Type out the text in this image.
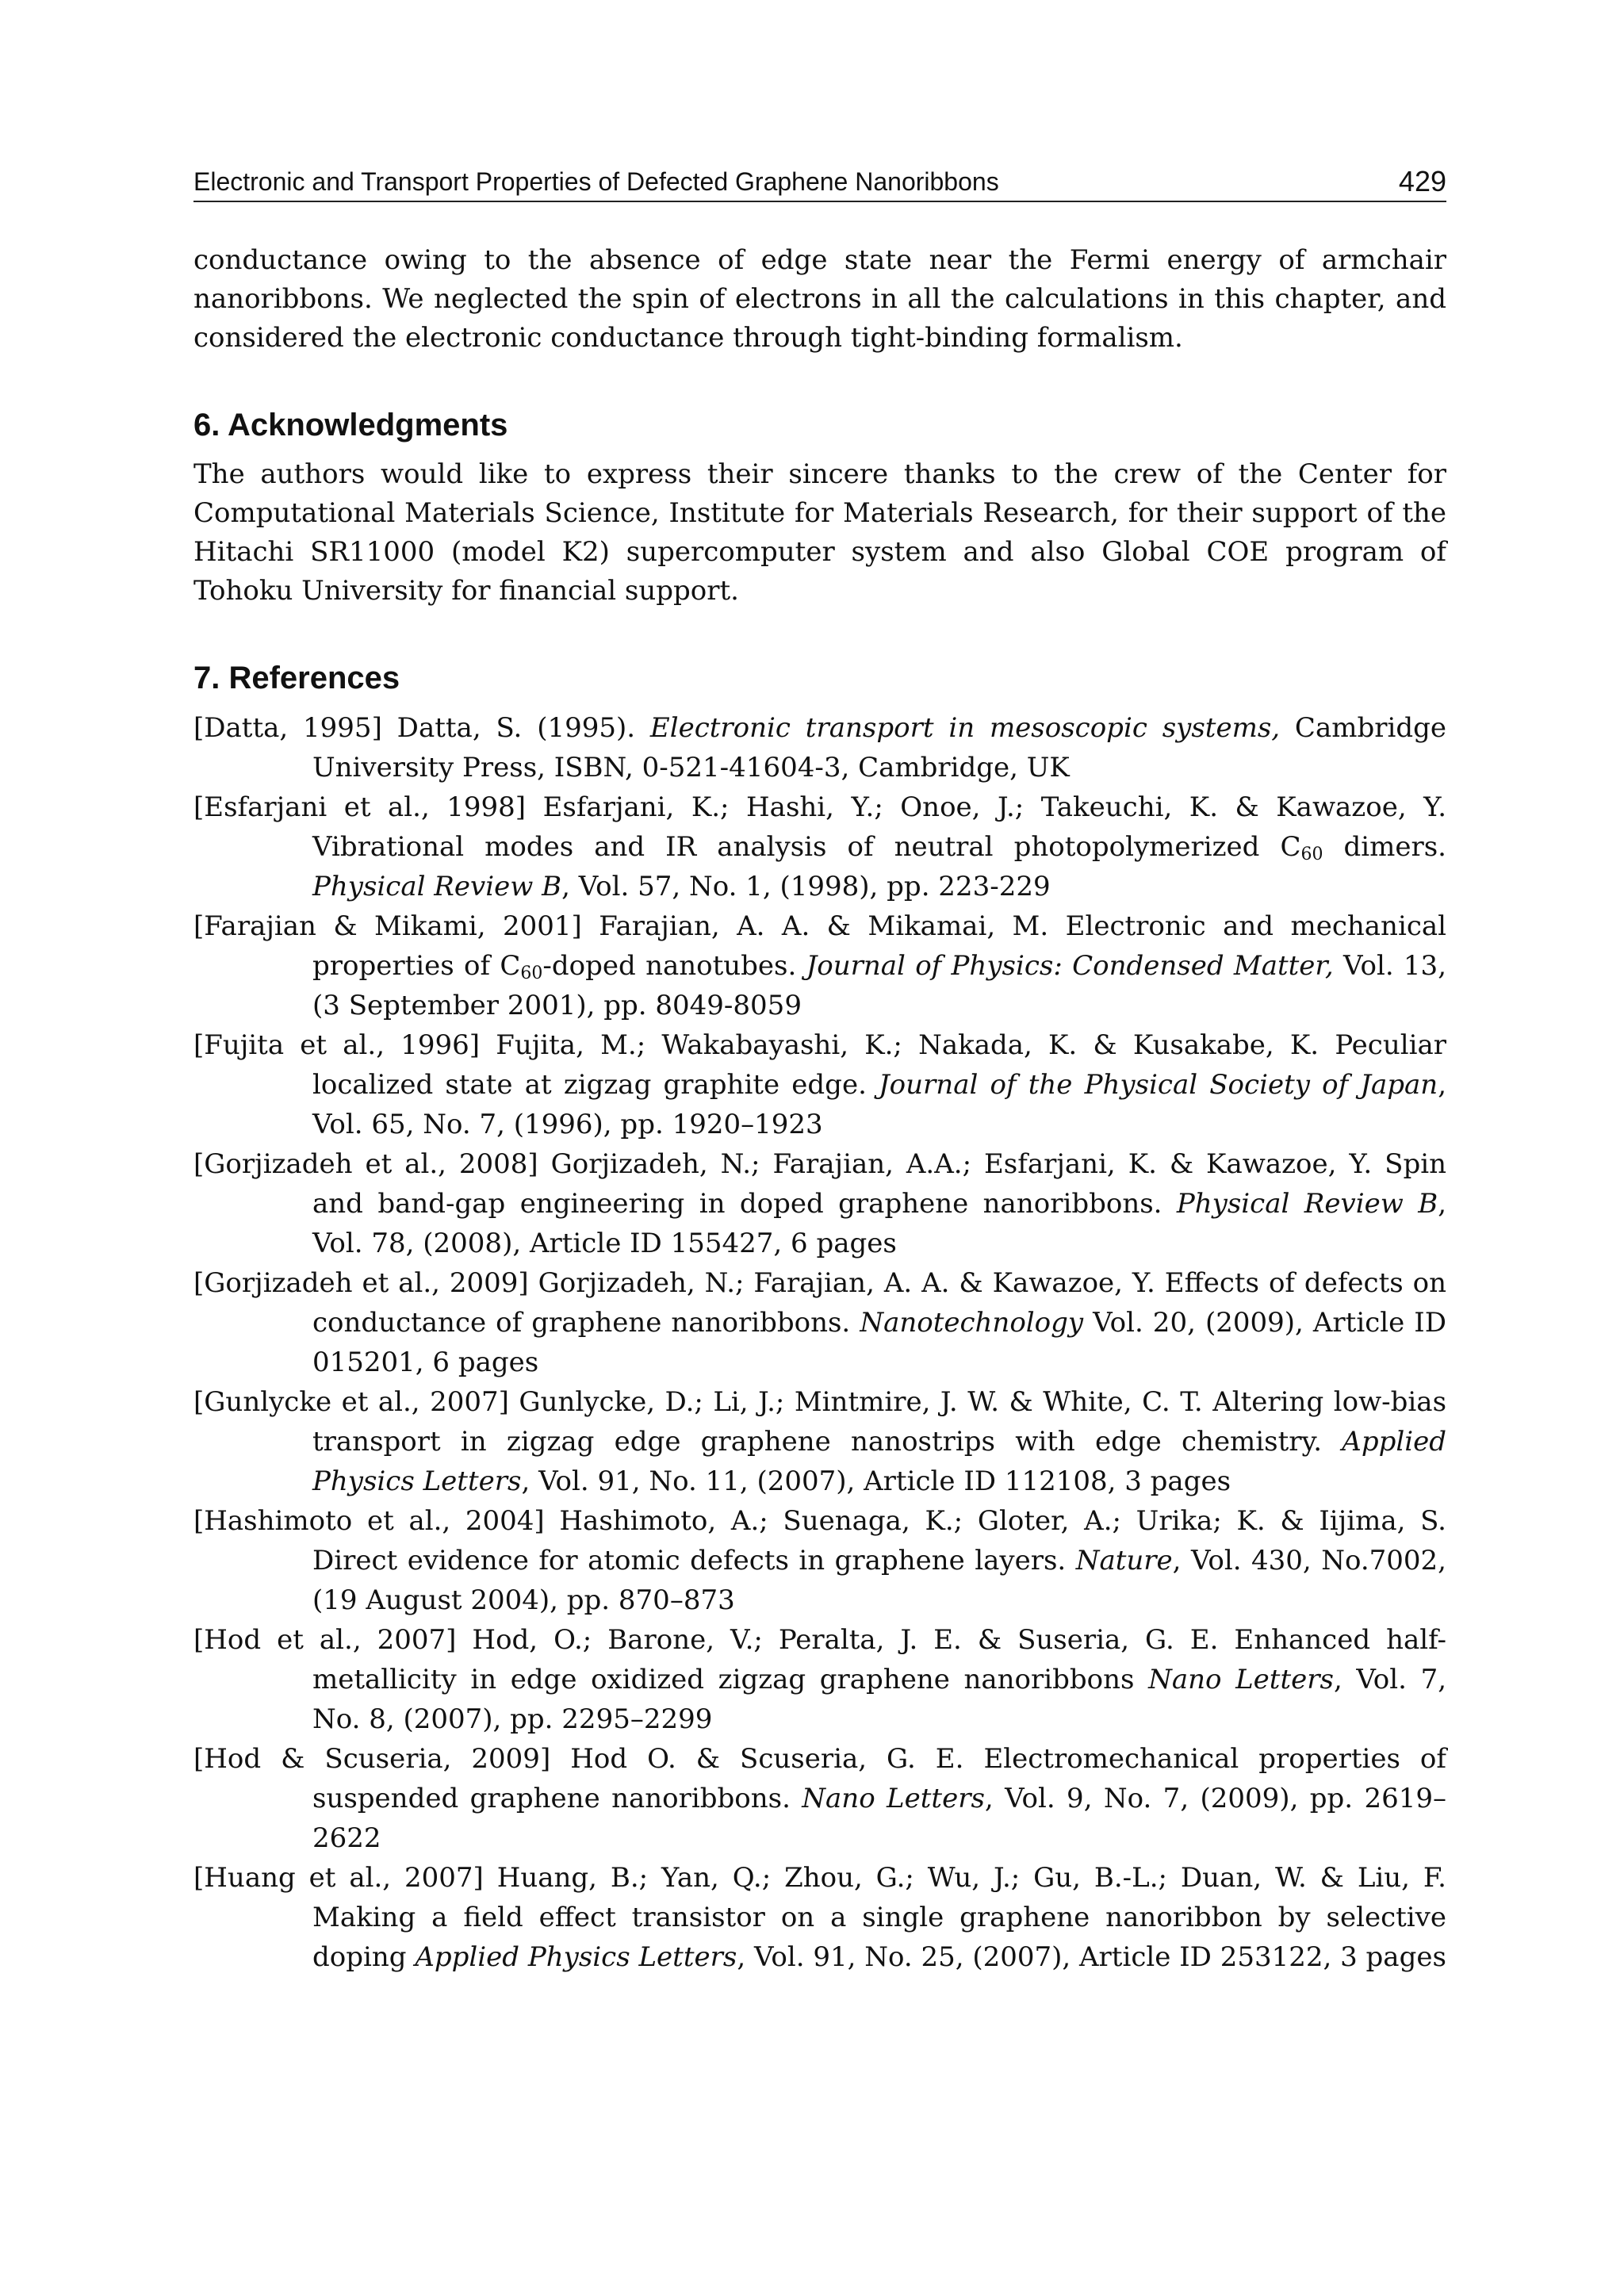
Electronic and Transport Properties of Defected Graphene Nanoribbons	429

conductance owing to the absence of edge state near the Fermi energy of armchair nanoribbons. We neglected the spin of electrons in all the calculations in this chapter, and considered the electronic conductance through tight-binding formalism.

6. Acknowledgments

The authors would like to express their sincere thanks to the crew of the Center for Computational Materials Science, Institute for Materials Research, for their support of the Hitachi SR11000 (model K2) supercomputer system and also Global COE program of Tohoku University for financial support.

7. References
[Datta, 1995] Datta, S. (1995). Electronic transport in mesoscopic systems, Cambridge University Press, ISBN, 0-521-41604-3, Cambridge, UK
[Esfarjani et al., 1998] Esfarjani, K.; Hashi, Y.; Onoe, J.; Takeuchi, K. & Kawazoe, Y. Vibrational modes and IR analysis of neutral photopolymerized $C_{60}$ dimers. Physical Review B, Vol. 57, No. 1, (1998), pp. 223-229
[Farajian & Mikami, 2001] Farajian, A. A. & Mikamai, M. Electronic and mechanical properties of $C_{60}$-doped nanotubes. Journal of Physics: Condensed Matter, Vol. 13, (3 September 2001), pp. 8049-8059
[Fujita et al., 1996] Fujita, M.; Wakabayashi, K.; Nakada, K. & Kusakabe, K. Peculiar localized state at zigzag graphite edge. Journal of the Physical Society of Japan, Vol. 65, No. 7, (1996), pp. 1920–1923
[Gorjizadeh et al., 2008] Gorjizadeh, N.; Farajian, A.A.; Esfarjani, K. & Kawazoe, Y. Spin and band-gap engineering in doped graphene nanoribbons. Physical Review B, Vol. 78, (2008), Article ID 155427, 6 pages
[Gorjizadeh et al., 2009] Gorjizadeh, N.; Farajian, A. A. & Kawazoe, Y. Effects of defects on conductance of graphene nanoribbons. Nanotechnology Vol. 20, (2009), Article ID 015201, 6 pages
[Gunlycke et al., 2007] Gunlycke, D.; Li, J.; Mintmire, J. W. & White, C. T. Altering low-bias transport in zigzag edge graphene nanostrips with edge chemistry. Applied Physics Letters, Vol. 91, No. 11, (2007), Article ID 112108, 3 pages
[Hashimoto et al., 2004] Hashimoto, A.; Suenaga, K.; Gloter, A.; Urika; K. & Iijima, S. Direct evidence for atomic defects in graphene layers. Nature, Vol. 430, No.7002, (19 August 2004), pp. 870–873
[Hod et al., 2007] Hod, O.; Barone, V.; Peralta, J. E. & Suseria, G. E. Enhanced half-metallicity in edge oxidized zigzag graphene nanoribbons Nano Letters, Vol. 7, No. 8, (2007), pp. 2295–2299
[Hod & Scuseria, 2009] Hod O. & Scuseria, G. E. Electromechanical properties of suspended graphene nanoribbons. Nano Letters, Vol. 9, No. 7, (2009), pp. 2619–2622
[Huang et al., 2007] Huang, B.; Yan, Q.; Zhou, G.; Wu, J.; Gu, B.-L.; Duan, W. & Liu, F. Making a field effect transistor on a single graphene nanoribbon by selective doping Applied Physics Letters, Vol. 91, No. 25, (2007), Article ID 253122, 3 pages
